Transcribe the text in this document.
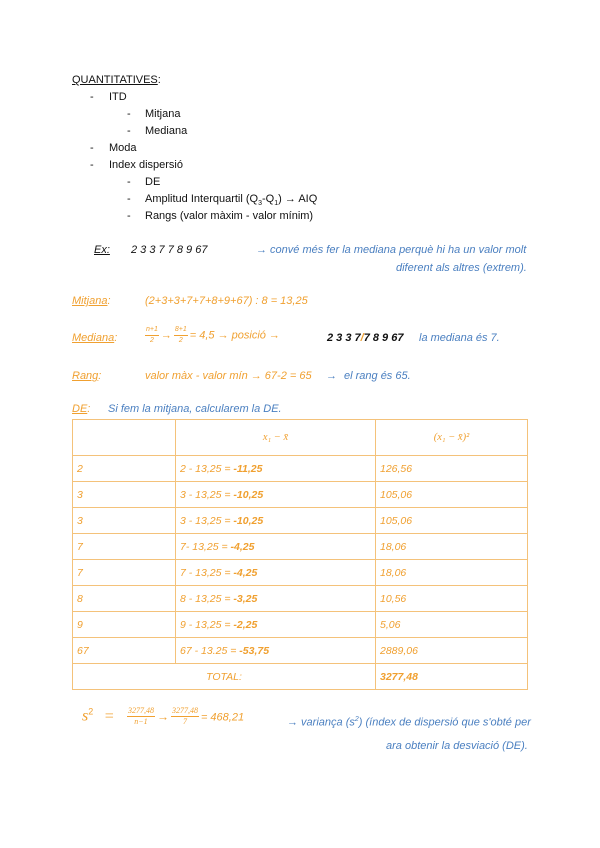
QUANTITATIVES:
- ITD
- Mitjana
- Mediana
- Moda
- Index dispersió
- DE
- Amplitud Interquartil $(Q_3-Q_1)$ → AIQ
- Rangs (valor màxim - valor mínim)
Ex: 2 3 3 7 7 8 9 67	→ convé més fer la mediana perquè hi ha un valor molt
diferent als altres (extrem).
Mitjana:	(2+3+3+7+7+8+9+67) : 8 = 13,25
Mediana:	$\frac{n+1}{2} \to \frac{8+1}{2} = 4,5$ → posició →	2 3 3 7/7 8 9 67 la mediana és 7.
Rang:	valor màx - valor mín → 67-2 = 65 → el rang és 65.
DE: Si fem la mitjana, calcularem la DE.
	x₁ − x̄	(x₁ − x̄)²
2	2 - 13,25 = -11,25	126,56
3	3 - 13,25 = -10,25	105,06
3	3 - 13,25 = -10,25	105,06
7	7- 13,25 = -4,25	18,06
7	7 - 13,25 = -4,25	18,06
8	8 - 13,25 = -3,25	10,56
9	9 - 13,25 = -2,25	5,06
67	67 - 13.25 = -53,75	2889,06
TOTAL:		3277,48
$s^2 = \frac{3277,48}{n-1} \to \frac{3277,48}{7} = 468,21$	→ variança $(s^2)$ (índex de dispersió que s'obté per
ara obtenir la desviació (DE).
